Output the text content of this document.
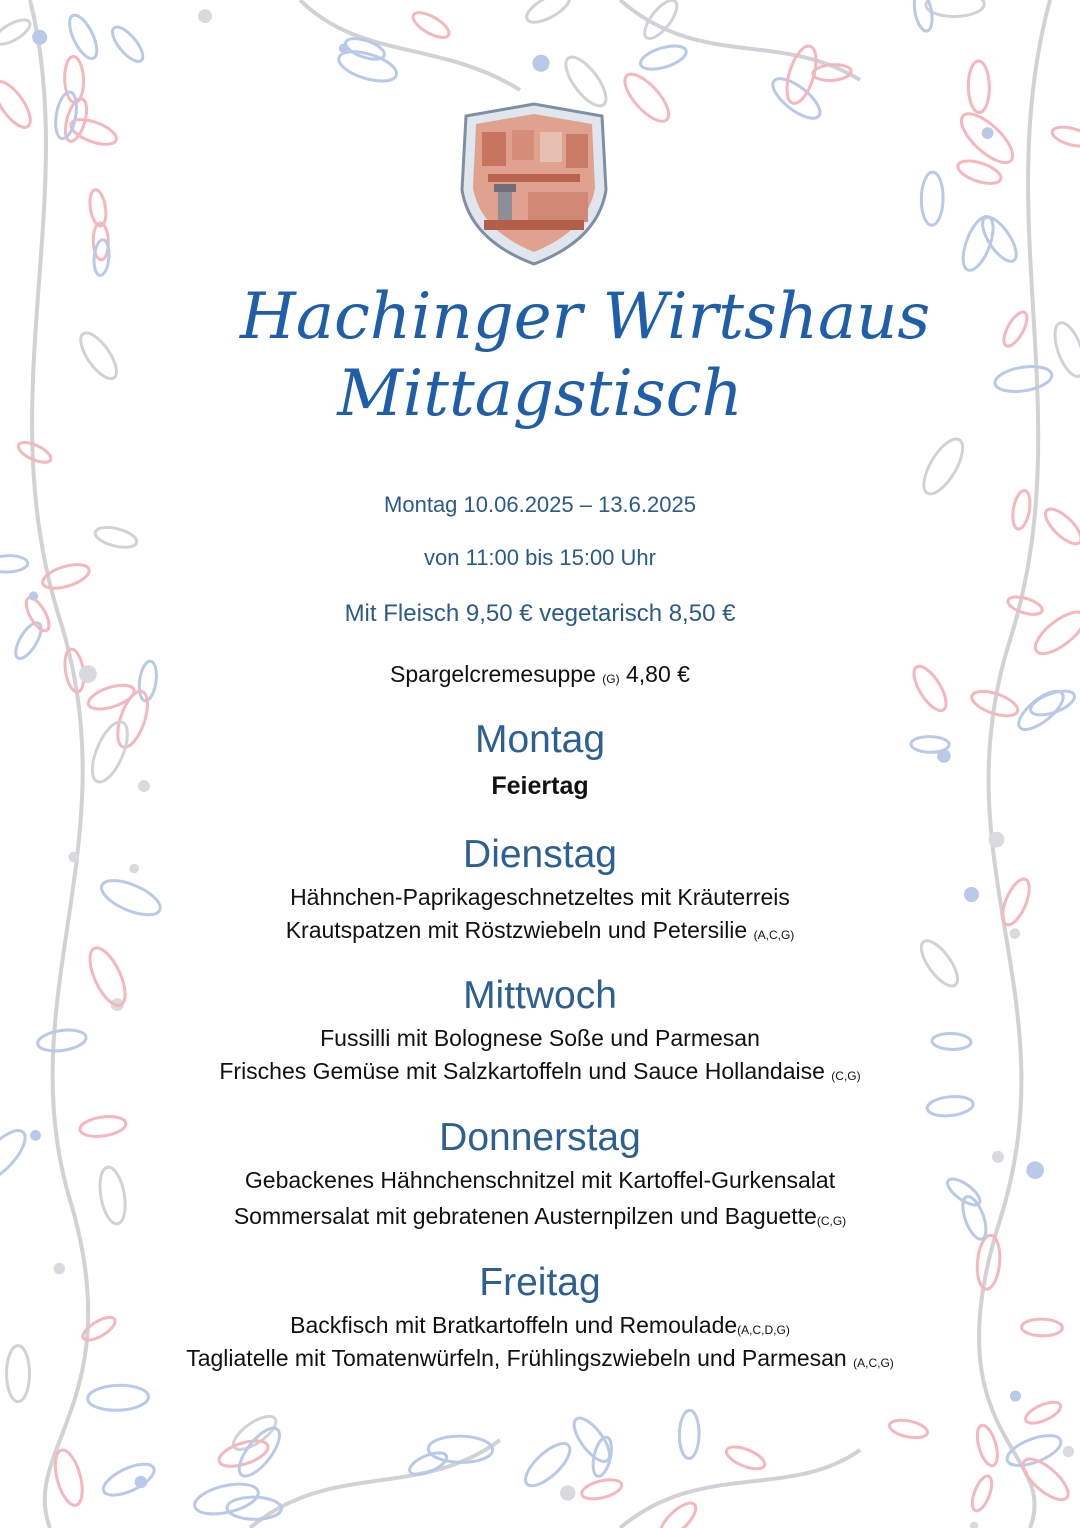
Hachinger Wirtshaus
Mittagstisch
Montag 10.06.2025 – 13.6.2025
von 11:00 bis 15:00 Uhr
Mit Fleisch 9,50 € vegetarisch 8,50 €
Spargelcremesuppe (G) 4,80 €
Montag
Feiertag
Dienstag
Hähnchen-Paprikageschnetzeltes mit Kräuterreis
Krautspatzen mit Röstzwiebeln und Petersilie (A,C,G)
Mittwoch
Fussilli mit Bolognese Soße und Parmesan
Frisches Gemüse mit Salzkartoffeln und Sauce Hollandaise (C,G)
Donnerstag
Gebackenes Hähnchenschnitzel mit Kartoffel-Gurkensalat
Sommersalat mit gebratenen Austernpilzen und Baguette(C,G)
Freitag
Backfisch mit Bratkartoffeln und Remoulade(A,C,D,G)
Tagliatelle mit Tomatenwürfeln, Frühlingszwiebeln und Parmesan (A,C,G)
